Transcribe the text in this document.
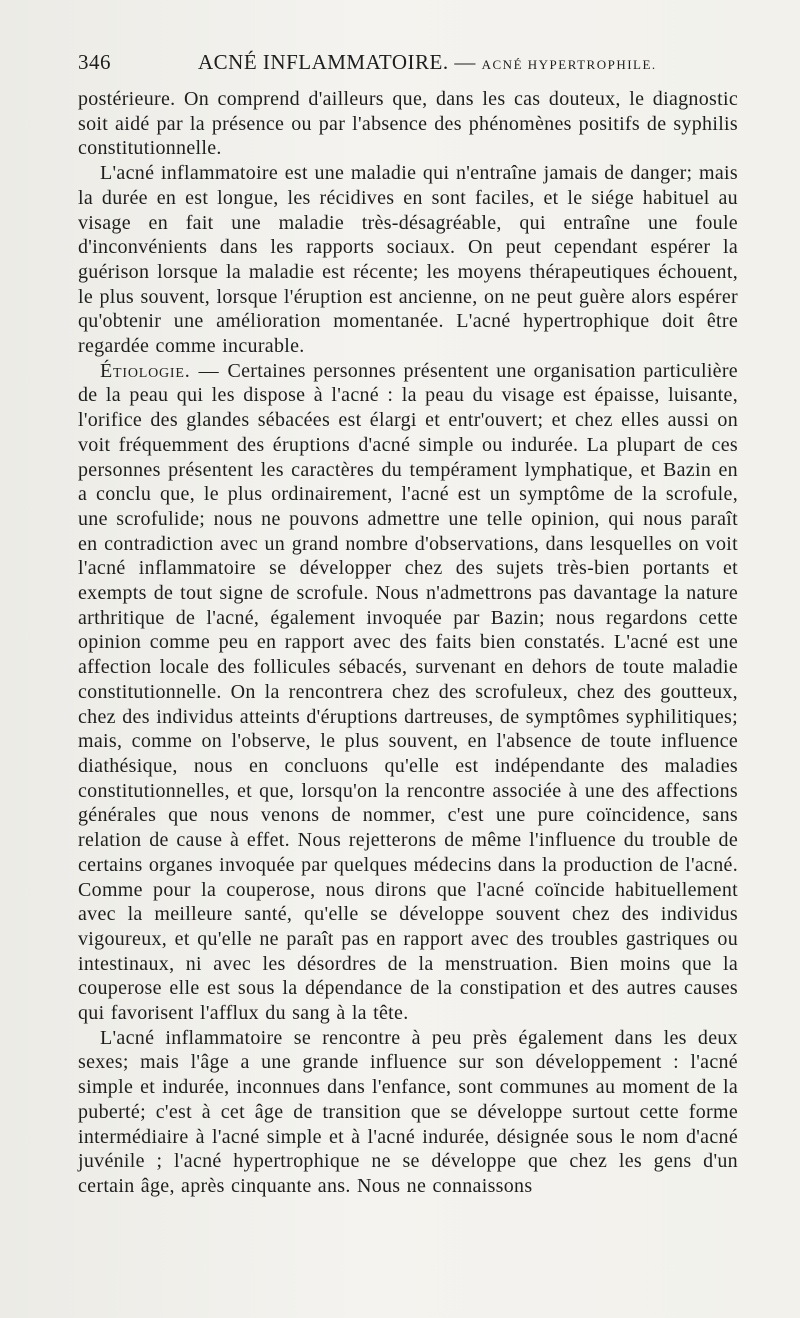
346	ACNÉ INFLAMMATOIRE. — ACNÉ HYPERTROPHILE.

postérieure. On comprend d'ailleurs que, dans les cas douteux, le diagnostic soit aidé par la présence ou par l'absence des phénomènes positifs de syphilis constitutionnelle.

L'acné inflammatoire est une maladie qui n'entraîne jamais de danger; mais la durée en est longue, les récidives en sont faciles, et le siége habituel au visage en fait une maladie très-désagréable, qui entraîne une foule d'inconvénients dans les rapports sociaux. On peut cependant espérer la guérison lorsque la maladie est récente; les moyens thérapeutiques échouent, le plus souvent, lorsque l'éruption est ancienne, on ne peut guère alors espérer qu'obtenir une amélioration momentanée. L'acné hypertrophique doit être regardée comme incurable.

Étiologie. — Certaines personnes présentent une organisation particulière de la peau qui les dispose à l'acné : la peau du visage est épaisse, luisante, l'orifice des glandes sébacées est élargi et entr'ouvert; et chez elles aussi on voit fréquemment des éruptions d'acné simple ou indurée. La plupart de ces personnes présentent les caractères du tempérament lymphatique, et Bazin en a conclu que, le plus ordinairement, l'acné est un symptôme de la scrofule, une scrofulide; nous ne pouvons admettre une telle opinion, qui nous paraît en contradiction avec un grand nombre d'observations, dans lesquelles on voit l'acné inflammatoire se développer chez des sujets très-bien portants et exempts de tout signe de scrofule. Nous n'admettrons pas davantage la nature arthritique de l'acné, également invoquée par Bazin; nous regardons cette opinion comme peu en rapport avec des faits bien constatés. L'acné est une affection locale des follicules sébacés, survenant en dehors de toute maladie constitutionnelle. On la rencontrera chez des scrofuleux, chez des goutteux, chez des individus atteints d'éruptions dartreuses, de symptômes syphilitiques; mais, comme on l'observe, le plus souvent, en l'absence de toute influence diathésique, nous en concluons qu'elle est indépendante des maladies constitutionnelles, et que, lorsqu'on la rencontre associée à une des affections générales que nous venons de nommer, c'est une pure coïncidence, sans relation de cause à effet. Nous rejetterons de même l'influence du trouble de certains organes invoquée par quelques médecins dans la production de l'acné. Comme pour la couperose, nous dirons que l'acné coïncide habituellement avec la meilleure santé, qu'elle se développe souvent chez des individus vigoureux, et qu'elle ne paraît pas en rapport avec des troubles gastriques ou intestinaux, ni avec les désordres de la menstruation. Bien moins que la couperose elle est sous la dépendance de la constipation et des autres causes qui favorisent l'afflux du sang à la tête.

L'acné inflammatoire se rencontre à peu près également dans les deux sexes; mais l'âge a une grande influence sur son développement : l'acné simple et indurée, inconnues dans l'enfance, sont communes au moment de la puberté; c'est à cet âge de transition que se développe surtout cette forme intermédiaire à l'acné simple et à l'acné indurée, désignée sous le nom d'acné juvénile ; l'acné hypertrophique ne se développe que chez les gens d'un certain âge, après cinquante ans. Nous ne connaissons
